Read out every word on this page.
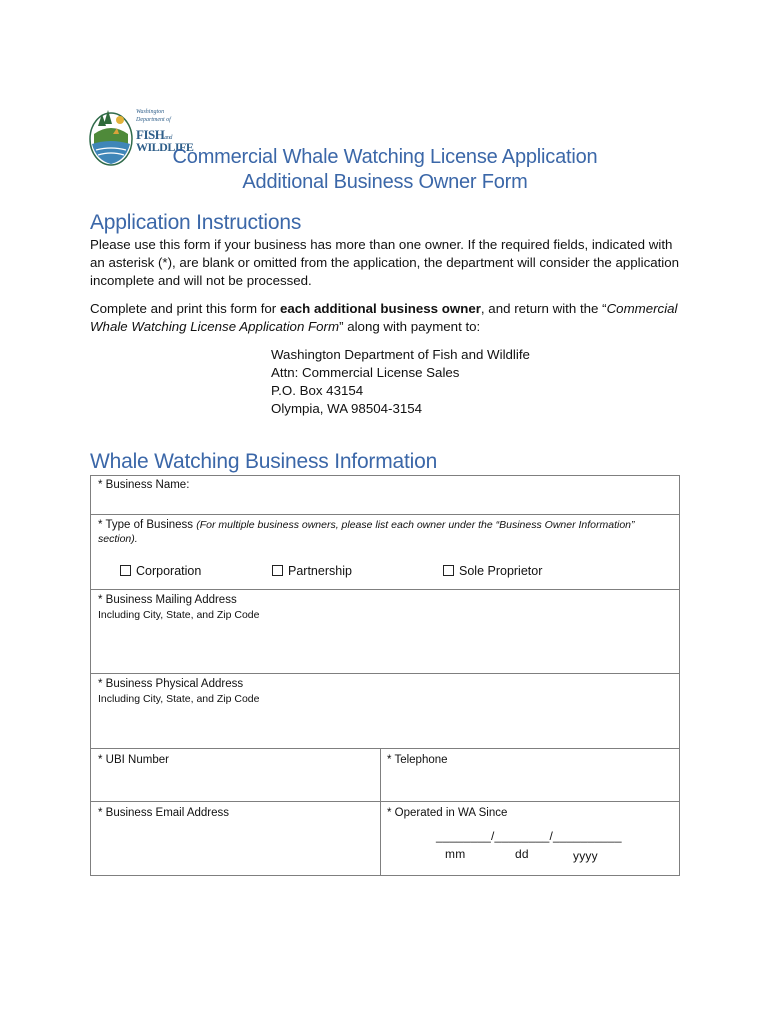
Washington
Department of
FISHand
WILDLIFE
Commercial Whale Watching License Application
Additional Business Owner Form
Application Instructions
Please use this form if your business has more than one owner. If the required fields, indicated with an asterisk (*), are blank or omitted from the application, the department will consider the application incomplete and will not be processed.
Complete and print this form for each additional business owner, and return with the “Commercial Whale Watching License Application Form” along with payment to:
Washington Department of Fish and Wildlife
Attn: Commercial License Sales
P.O. Box 43154
Olympia, WA 98504-3154
Whale Watching Business Information
* Business Name:
* Type of Business (For multiple business owners, please list each owner under the “Business Owner Information” section).
Corporation	Partnership	Sole Proprietor
* Business Mailing Address
Including City, State, and Zip Code
* Business Physical Address
Including City, State, and Zip Code
* UBI Number	* Telephone
* Business Email Address	* Operated in WA Since
________/________/__________
mm	dd	yyyy
